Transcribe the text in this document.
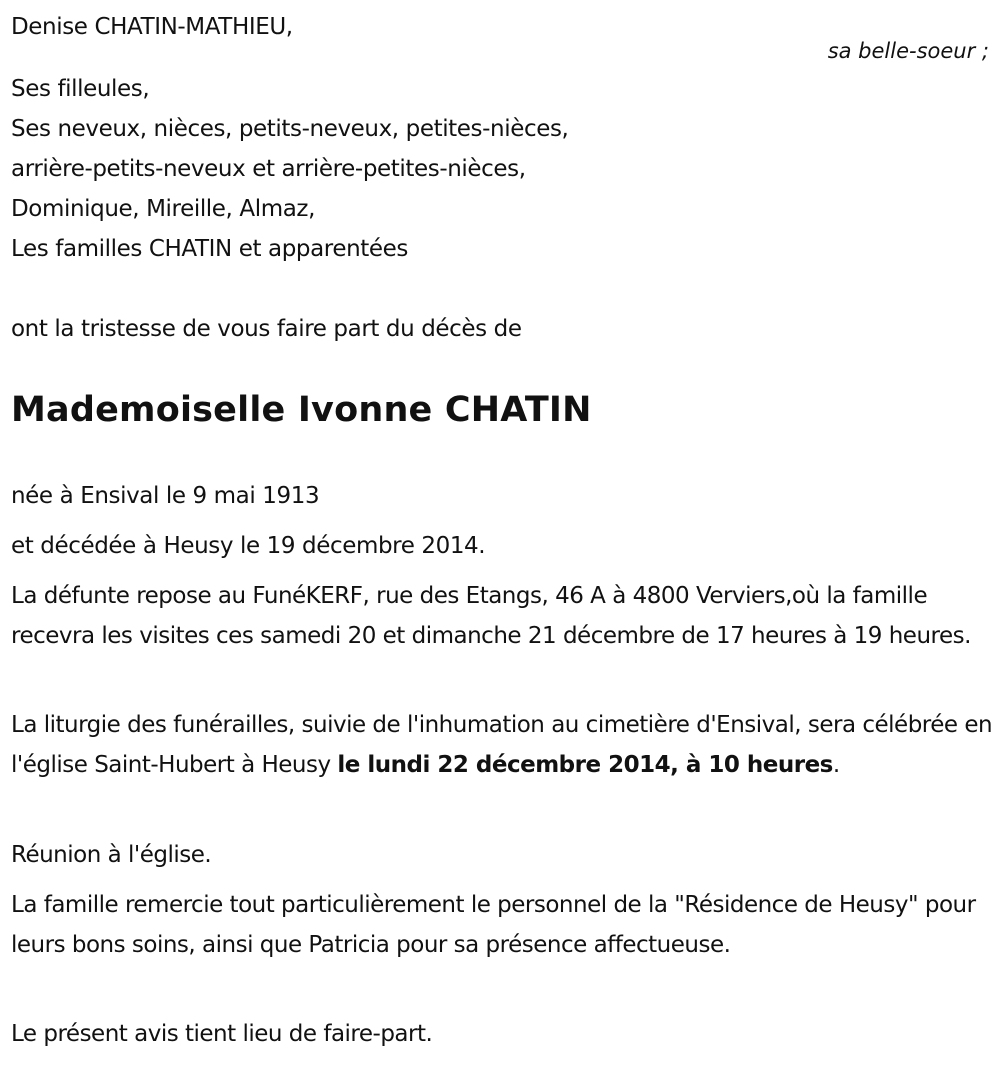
Denise CHATIN-MATHIEU,
sa belle-soeur ;
Ses filleules,
Ses neveux, nièces, petits-neveux, petites-nièces,
arrière-petits-neveux et arrière-petites-nièces,
Dominique, Mireille, Almaz,
Les familles CHATIN et apparentées
ont la tristesse de vous faire part du décès de
Mademoiselle Ivonne CHATIN
née à Ensival le 9 mai 1913
et décédée à Heusy le 19 décembre 2014.
La défunte repose au FunéKERF, rue des Etangs, 46 A à 4800 Verviers,où la famille recevra les visites ces samedi 20 et dimanche 21 décembre de 17 heures à 19 heures.
La liturgie des funérailles, suivie de l'inhumation au cimetière d'Ensival, sera célébrée en l'église Saint-Hubert à Heusy le lundi 22 décembre 2014, à 10 heures.
Réunion à l'église.
La famille remercie tout particulièrement le personnel de la "Résidence de Heusy" pour leurs bons soins, ainsi que Patricia pour sa présence affectueuse.
Le présent avis tient lieu de faire-part.
